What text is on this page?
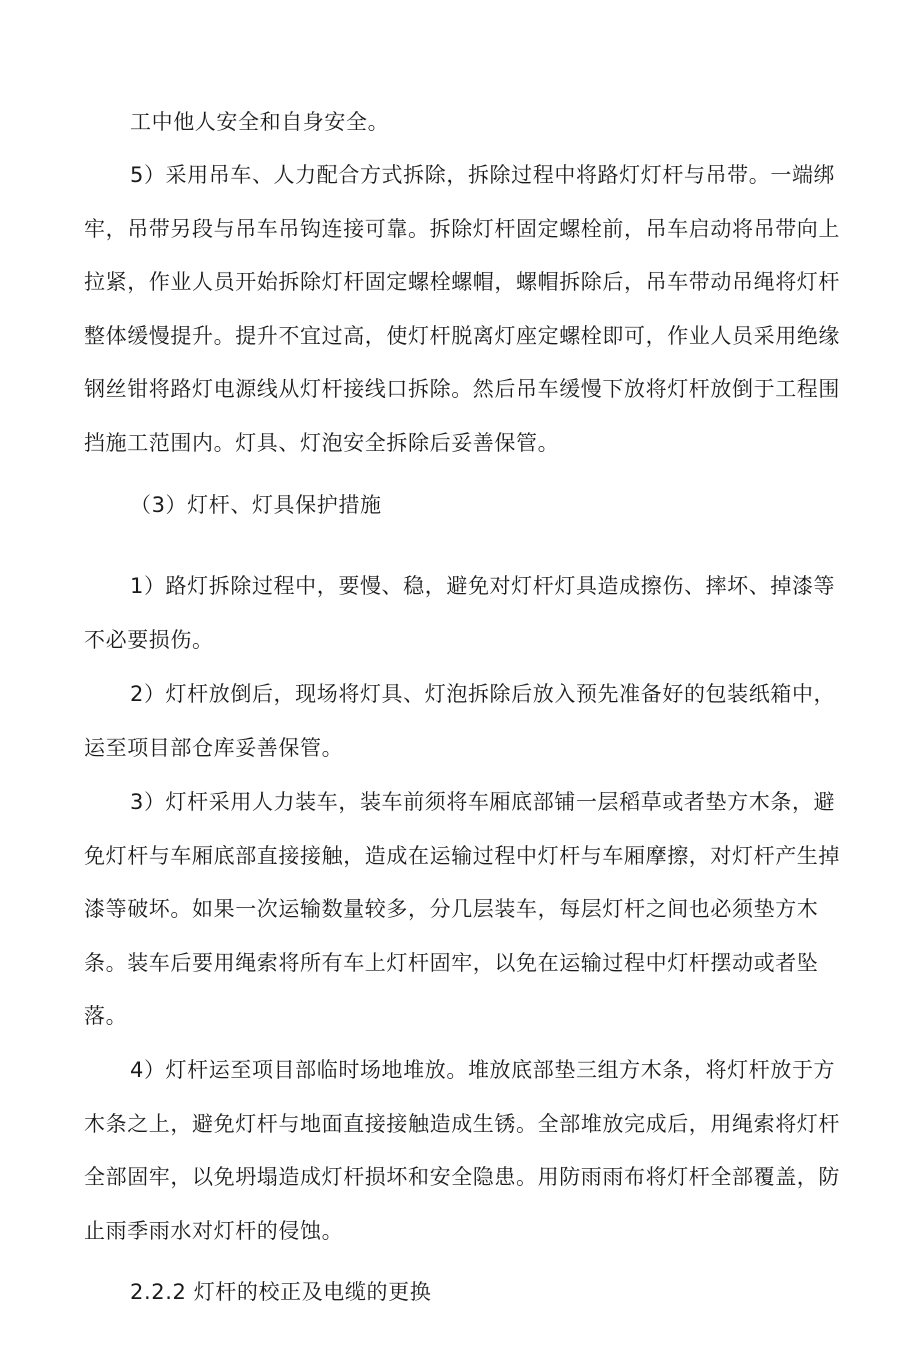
工中他人安全和自身安全。

5）采用吊车、人力配合方式拆除，拆除过程中将路灯灯杆与吊带。一端绑牢，吊带另段与吊车吊钩连接可靠。拆除灯杆固定螺栓前，吊车启动将吊带向上拉紧，作业人员开始拆除灯杆固定螺栓螺帽，螺帽拆除后，吊车带动吊绳将灯杆整体缓慢提升。提升不宜过高，使灯杆脱离灯座定螺栓即可，作业人员采用绝缘钢丝钳将路灯电源线从灯杆接线口拆除。然后吊车缓慢下放将灯杆放倒于工程围挡施工范围内。灯具、灯泡安全拆除后妥善保管。

（3）灯杆、灯具保护措施

1）路灯拆除过程中，要慢、稳，避免对灯杆灯具造成擦伤、摔坏、掉漆等不必要损伤。

2）灯杆放倒后，现场将灯具、灯泡拆除后放入预先准备好的包装纸箱中，运至项目部仓库妥善保管。

3）灯杆采用人力装车，装车前须将车厢底部铺一层稻草或者垫方木条，避免灯杆与车厢底部直接接触，造成在运输过程中灯杆与车厢摩擦，对灯杆产生掉漆等破坏。如果一次运输数量较多，分几层装车，每层灯杆之间也必须垫方木条。装车后要用绳索将所有车上灯杆固牢，以免在运输过程中灯杆摆动或者坠落。

4）灯杆运至项目部临时场地堆放。堆放底部垫三组方木条，将灯杆放于方木条之上，避免灯杆与地面直接接触造成生锈。全部堆放完成后，用绳索将灯杆全部固牢，以免坍塌造成灯杆损坏和安全隐患。用防雨雨布将灯杆全部覆盖，防止雨季雨水对灯杆的侵蚀。

2.2.2 灯杆的校正及电缆的更换
